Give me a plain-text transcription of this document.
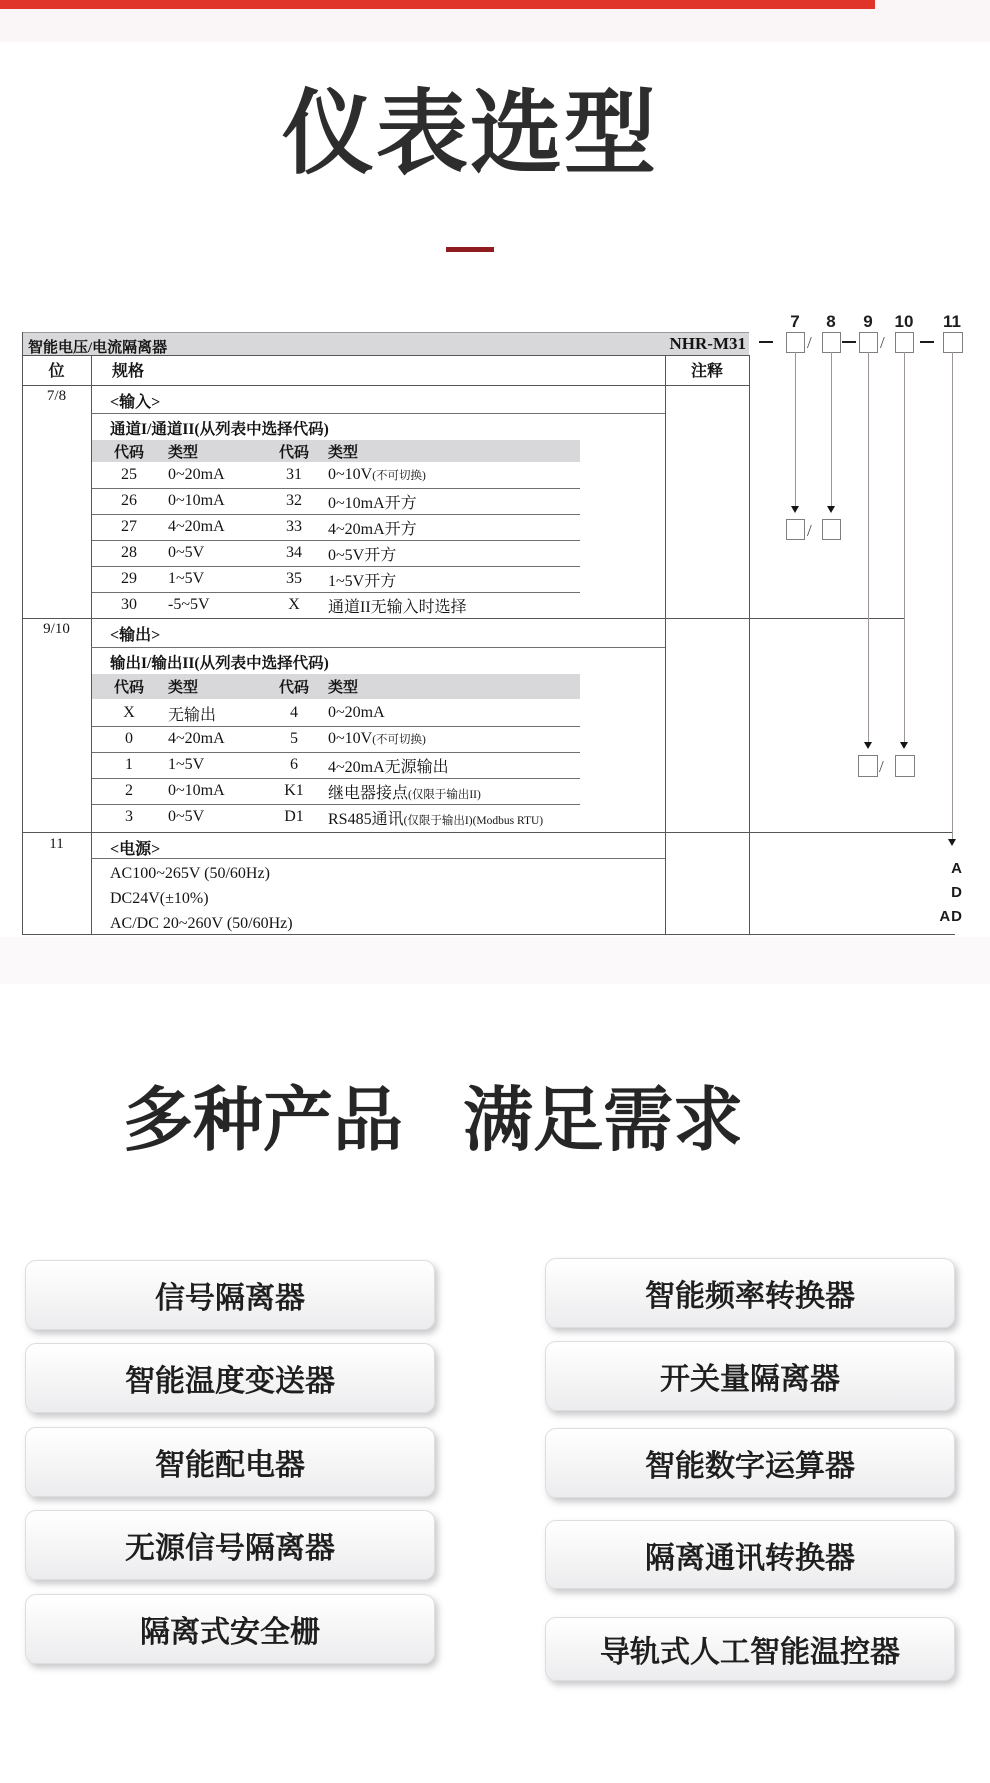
仪表选型
智能电压/电流隔离器	NHR-M31
位	规格	注释
7/8	<输入>
通道I/通道II(从列表中选择代码)
代码	类型	代码	类型
25	0~20mA	31	0~10V(不可切换)
26	0~10mA	32	0~10mA开方
27	4~20mA	33	4~20mA开方
28	0~5V	34	0~5V开方
29	1~5V	35	1~5V开方
30	-5~5V	X	通道II无输入时选择
9/10	<输出>
输出I/输出II(从列表中选择代码)
代码	类型	代码	类型
X	无输出	4	0~20mA
0	4~20mA	5	0~10V(不可切换)
1	1~5V	6	4~20mA无源输出
2	0~10mA	K1	继电器接点(仅限于输出II)
3	0~5V	D1	RS485通讯(仅限于输出I)(Modbus RTU)
11	<电源>
AC100~265V (50/60Hz)
DC24V(±10%)
AC/DC 20~260V (50/60Hz)
7	8	9	10	11
/	/
/
/
A
D
AD
多种产品 满足需求
信号隔离器
智能温度变送器
智能配电器
无源信号隔离器
隔离式安全栅
智能频率转换器
开关量隔离器
智能数字运算器
隔离通讯转换器
导轨式人工智能温控器
